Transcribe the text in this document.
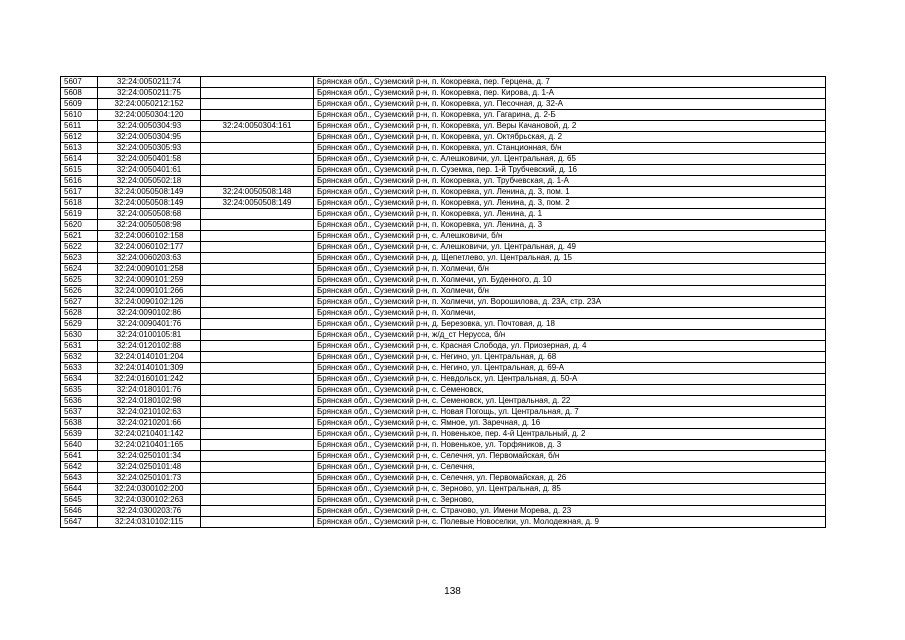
5607	32:24:0050211:74		Брянская обл., Суземский р-н, п. Кокоревка, пер. Герцена, д. 7
5608	32:24:0050211:75		Брянская обл., Суземский р-н, п. Кокоревка, пер. Кирова, д. 1-А
5609	32:24:0050212:152		Брянская обл., Суземский р-н, п. Кокоревка, ул. Песочная, д. 32-А
5610	32:24:0050304:120		Брянская обл., Суземский р-н, п. Кокоревка, ул. Гагарина, д. 2-Б
5611	32:24:0050304:93	32:24:0050304:161	Брянская обл., Суземский р-н, п. Кокоревка, ул. Веры Качановой, д. 2
5612	32:24:0050304:95		Брянская обл., Суземский р-н, п. Кокоревка, ул. Октябрьская, д. 2
5613	32:24:0050305:93		Брянская обл., Суземский р-н, п. Кокоревка, ул. Станционная, б/н
5614	32:24:0050401:58		Брянская обл., Суземский р-н, с. Алешковичи, ул. Центральная, д. 65
5615	32:24:0050401:61		Брянская обл., Суземский р-н, п. Суземка, пер. 1-й Трубчевский, д. 16
5616	32:24:0050502:18		Брянская обл., Суземский р-н, п. Кокоревка, ул. Трубчевская, д. 1-А
5617	32:24:0050508:149	32:24:0050508:148	Брянская обл., Суземский р-н, п. Кокоревка, ул. Ленина, д. 3, пом. 1
5618	32:24:0050508:149	32:24:0050508:149	Брянская обл., Суземский р-н, п. Кокоревка, ул. Ленина, д. 3, пом. 2
5619	32:24:0050508:68		Брянская обл., Суземский р-н, п. Кокоревка, ул. Ленина, д. 1
5620	32:24:0050508:98		Брянская обл., Суземский р-н, п. Кокоревка, ул. Ленина, д. 3
5621	32:24:0060102:158		Брянская обл., Суземский р-н, с. Алешковичи, б/н
5622	32:24:0060102:177		Брянская обл., Суземский р-н, с. Алешковичи, ул. Центральная, д. 49
5623	32:24:0060203:63		Брянская обл., Суземский р-н, д. Щепетлево, ул. Центральная, д. 15
5624	32:24:0090101:258		Брянская обл., Суземский р-н, п. Холмечи, б/н
5625	32:24:0090101:259		Брянская обл., Суземский р-н, п. Холмечи, ул. Буденного, д. 10
5626	32:24:0090101:266		Брянская обл., Суземский р-н, п. Холмечи, б/н
5627	32:24:0090102:126		Брянская обл., Суземский р-н, п. Холмечи, ул. Ворошилова, д. 23А, стр. 23А
5628	32:24:0090102:86		Брянская обл., Суземский р-н, п. Холмечи,
5629	32:24:0090401:76		Брянская обл., Суземский р-н, д. Березовка, ул. Почтовая, д. 18
5630	32:24:0100105:81		Брянская обл., Суземский р-н, ж/д_ст Неруссa, б/н
5631	32:24:0120102:88		Брянская обл., Суземский р-н, с. Красная Слобода, ул. Приозерная, д. 4
5632	32:24:0140101:204		Брянская обл., Суземский р-н, с. Негино, ул. Центральная, д. 68
5633	32:24:0140101:309		Брянская обл., Суземский р-н, с. Негино, ул. Центральная, д. 69-А
5634	32:24:0160101:242		Брянская обл., Суземский р-н, с. Невдольск, ул. Центральная, д. 50-А
5635	32:24:0180101:76		Брянская обл., Суземский р-н, с. Семеновск,
5636	32:24:0180102:98		Брянская обл., Суземский р-н, с. Семеновск, ул. Центральная, д. 22
5637	32:24:0210102:63		Брянская обл., Суземский р-н, с. Новая Погощь, ул. Центральная, д. 7
5638	32:24:0210201:66		Брянская обл., Суземский р-н, с. Ямное, ул. Заречная, д. 16
5639	32:24:0210401:142		Брянская обл., Суземский р-н, п. Новенькое, пер. 4-й Центральный, д. 2
5640	32:24:0210401:165		Брянская обл., Суземский р-н, п. Новенькое, ул. Торфяников, д. 3
5641	32:24:0250101:34		Брянская обл., Суземский р-н, с. Селечня, ул. Первомайская, б/н
5642	32:24:0250101:48		Брянская обл., Суземский р-н, с. Селечня,
5643	32:24:0250101:73		Брянская обл., Суземский р-н, с. Селечня, ул. Первомайская, д. 26
5644	32:24:0300102:200		Брянская обл., Суземский р-н, с. Зерново, ул. Центральная, д. 85
5645	32:24:0300102:263		Брянская обл., Суземский р-н, с. Зерново,
5646	32:24:0300203:76		Брянская обл., Суземский р-н, с. Страчово, ул. Имени Морева, д. 23
5647	32:24:0310102:115		Брянская обл., Суземский р-н, с. Полевые Новоселки, ул. Молодежная, д. 9
138
